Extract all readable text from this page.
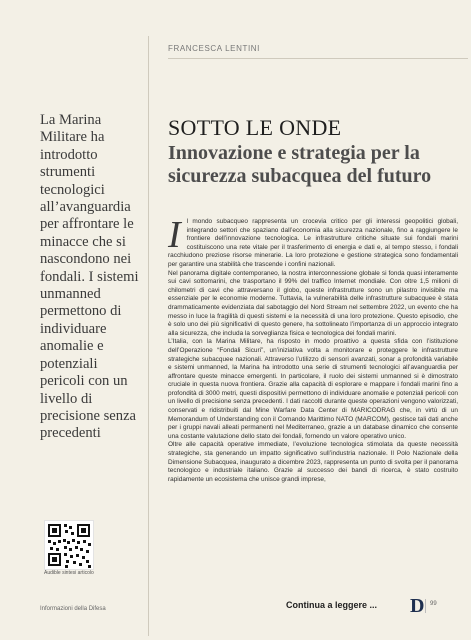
FRANCESCA LENTINI
La Marina Militare ha introdotto strumenti tecnologici all’avanguardia per affrontare le minacce che si nascondono nei fondali. I sistemi unmanned permettono di individuare anomalie e potenziali pericoli con un livello di precisione senza precedenti
SOTTO LE ONDE
Innovazione e strategia per la sicurezza subacquea del futuro
I l mondo subacqueo rappresenta un crocevia critico per gli interessi geopolitici globali, integrando settori che spaziano dall’economia alla sicurezza nazionale, fino a raggiungere le frontiere dell’innovazione tecnologica. Le infrastrutture critiche situate sui fondali marini costituiscono una rete vitale per il trasferimento di energia e dati e, al tempo stesso, i fondali racchiudono preziose risorse minerarie. La loro protezione e gestione strategica sono fondamentali per garantire una stabilità che trascende i confini nazionali.

Nel panorama digitale contemporaneo, la nostra interconnessione globale si fonda quasi interamente sui cavi sottomarini, che trasportano il 99% del traffico Internet mondiale. Con oltre 1,5 milioni di chilometri di cavi che attraversano il globo, queste infrastrutture sono un pilastro invisibile ma essenziale per le economie moderne. Tuttavia, la vulnerabilità delle infrastrutture subacquee è stata drammaticamente evidenziata dal sabotaggio del Nord Stream nel settembre 2022, un evento che ha messo in luce la fragilità di questi sistemi e la necessità di una loro protezione. Questo episodio, che è solo uno dei più significativi di questo genere, ha sottolineato l’importanza di un approccio integrato alla sicurezza, che includa la sorveglianza fisica e tecnologica dei fondali marini.

L’Italia, con la Marina Militare, ha risposto in modo proattivo a questa sfida con l’istituzione dell’Operazione “Fondali Sicuri”, un’iniziativa volta a monitorare e proteggere le infrastrutture strategiche subacquee nazionali. Attraverso l’utilizzo di sensori avanzati, sonar a profondità variabile e sistemi unmanned, la Marina ha introdotto una serie di strumenti tecnologici all’avanguardia per affrontare queste minacce emergenti. In particolare, il ruolo dei sistemi unmanned si è dimostrato cruciale in questa nuova frontiera. Grazie alla capacità di esplorare e mappare i fondali marini fino a profondità di 3000 metri, questi dispositivi permettono di individuare anomalie e potenziali pericoli con un livello di precisione senza precedenti. I dati raccolti durante queste operazioni vengono valorizzati, conservati e ridistribuiti dal Mine Warfare Data Center di MARICODRAG che, in virtù di un Memorandum of Understanding con il Comando Marittimo NATO (MARCOM), gestisce tali dati anche per i gruppi navali alleati permanenti nel Mediterraneo, grazie a un database dinamico che consente una costante valutazione dello stato dei fondali, fornendo un valore operativo unico.

Oltre alle capacità operative immediate, l’evoluzione tecnologica stimolata da queste necessità strategiche, sta generando un impatto significativo sull’industria nazionale. Il Polo Nazionale della Dimensione Subacquea, inaugurato a dicembre 2023, rappresenta un punto di svolta per il panorama tecnologico e industriale italiano. Grazie al successo dei bandi di ricerca, è stato costruito rapidamente un ecosistema che unisce grandi imprese,

Audible sintesi articolo
Informazioni della Difesa	Continua a leggere ... D 99
